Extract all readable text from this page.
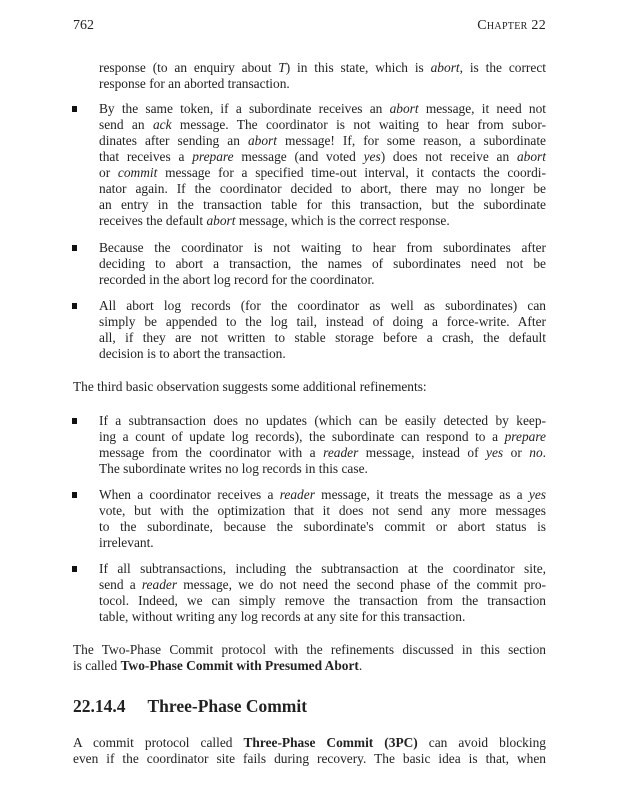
762	Chapter 22
response (to an enquiry about T) in this state, which is abort, is the correct
response for an aborted transaction.
By the same token, if a subordinate receives an abort message, it need not
send an ack message. The coordinator is not waiting to hear from subor-
dinates after sending an abort message! If, for some reason, a subordinate
that receives a prepare message (and voted yes) does not receive an abort
or commit message for a specified time-out interval, it contacts the coordi-
nator again. If the coordinator decided to abort, there may no longer be
an entry in the transaction table for this transaction, but the subordinate
receives the default abort message, which is the correct response.
Because the coordinator is not waiting to hear from subordinates after
deciding to abort a transaction, the names of subordinates need not be
recorded in the abort log record for the coordinator.
All abort log records (for the coordinator as well as subordinates) can
simply be appended to the log tail, instead of doing a force-write. After
all, if they are not written to stable storage before a crash, the default
decision is to abort the transaction.
The third basic observation suggests some additional refinements:
If a subtransaction does no updates (which can be easily detected by keep-
ing a count of update log records), the subordinate can respond to a prepare
message from the coordinator with a reader message, instead of yes or no.
The subordinate writes no log records in this case.
When a coordinator receives a reader message, it treats the message as a yes
vote, but with the optimization that it does not send any more messages
to the subordinate, because the subordinate's commit or abort status is
irrelevant.
If all subtransactions, including the subtransaction at the coordinator site,
send a reader message, we do not need the second phase of the commit pro-
tocol. Indeed, we can simply remove the transaction from the transaction
table, without writing any log records at any site for this transaction.
The Two-Phase Commit protocol with the refinements discussed in this section
is called Two-Phase Commit with Presumed Abort.
A commit protocol called Three-Phase Commit (3PC) can avoid blocking
even if the coordinator site fails during recovery. The basic idea is that, when
22.14.4 Three-Phase Commit
